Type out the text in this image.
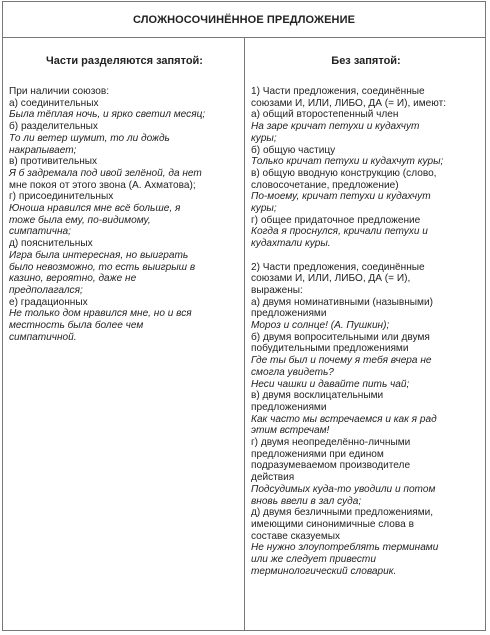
СЛОЖНОСОЧИНЁННОЕ ПРЕДЛОЖЕНИЕ
Части разделяются запятой:
При наличии союзов:
а) соединительных
Была тёплая ночь, и ярко светил месяц;
б) разделительных
То ли ветер шумит, то ли дождь
накрапывает;
в) противительных
Я б задремала под ивой зелёной, да нет
мне покоя от этого звона (А. Ахматова);
г) присоединительных
Юноша нравился мне всё больше, я
тоже была ему, по-видимому,
симпатична;
д) пояснительных
Игра была интересная, но выиграть
было невозможно, то есть выигрыш в
казино, вероятно, даже не
предполагался;
е) градационных
Не только дом нравился мне, но и вся
местность была более чем
симпатичной.
Без запятой:
1) Части предложения, соединённые
союзами И, ИЛИ, ЛИБО, ДА (= И), имеют:
а) общий второстепенный член
На заре кричат петухи и кудахчут
куры;
б) общую частицу
Только кричат петухи и кудахчут куры;
в) общую вводную конструкцию (слово,
словосочетание, предложение)
По-моему, кричат петухи и кудахчут
куры;
г) общее придаточное предложение
Когда я проснулся, кричали петухи и
кудахтали куры.
2) Части предложения, соединённые
союзами И, ИЛИ, ЛИБО, ДА (= И),
выражены:
а) двумя номинативными (назывными)
предложениями
Мороз и солнце! (А. Пушкин);
б) двумя вопросительными или двумя
побудительными предложениями
Где ты был и почему я тебя вчера не
смогла увидеть?
Неси чашки и давайте пить чай;
в) двумя восклицательными
предложениями
Как часто мы встречаемся и как я рад
этим встречам!
г) двумя неопределённо-личными
предложениями при едином
подразумеваемом производителе
действия
Подсудимых куда-то уводили и потом
вновь ввели в зал суда;
д) двумя безличными предложениями,
имеющими синонимичные слова в
составе сказуемых
Не нужно злоупотреблять терминами
или же следует привести
терминологический словарик.
